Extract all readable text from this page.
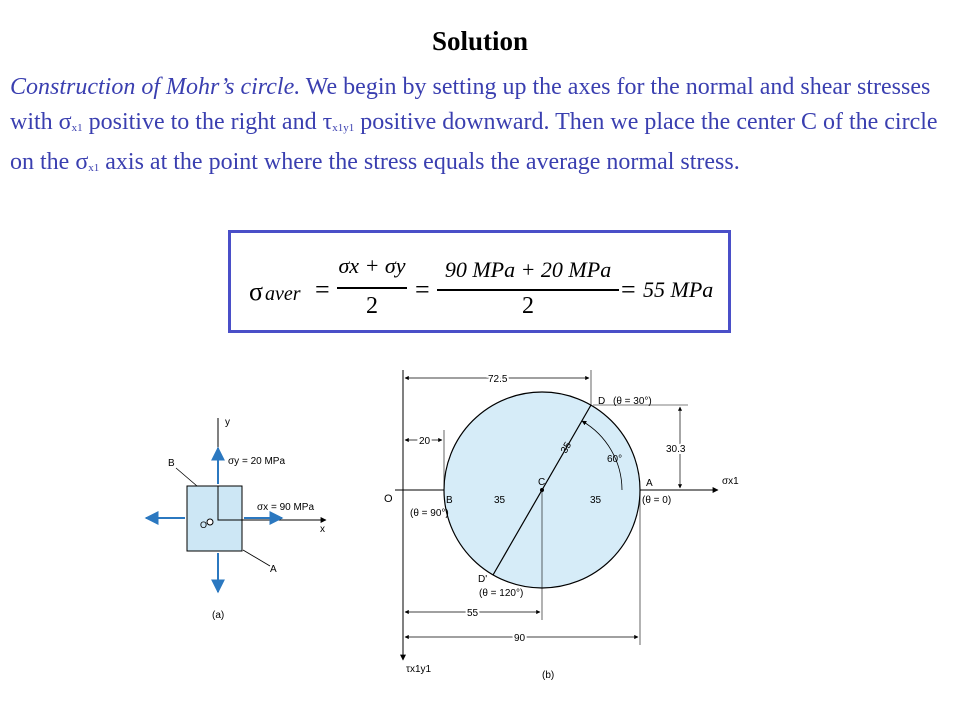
Solution
Construction of Mohr’s circle. We begin by setting up the axes for the normal and shear stresses with $\sigma_{x1}$ positive to the right and $\tau_{x1y1}$ positive downward. Then we place the center C of the circle on the $\sigma_{x1}$ axis at the point where the stress equals the average normal stress.
σ aver =
σx + σy
2
=
90 MPa + 20 MPa
2
= 55 MPa
y
x
B
A
O
σy = 20 MPa
σx = 90 MPa
(a)
72.5
20
30.3
55
90
O
C	σx1
τx1y1
A
(θ = 0)
B
(θ = 90°)
D (θ = 30°)
D'
(θ = 120°)
35	35
35
60°
(b)
